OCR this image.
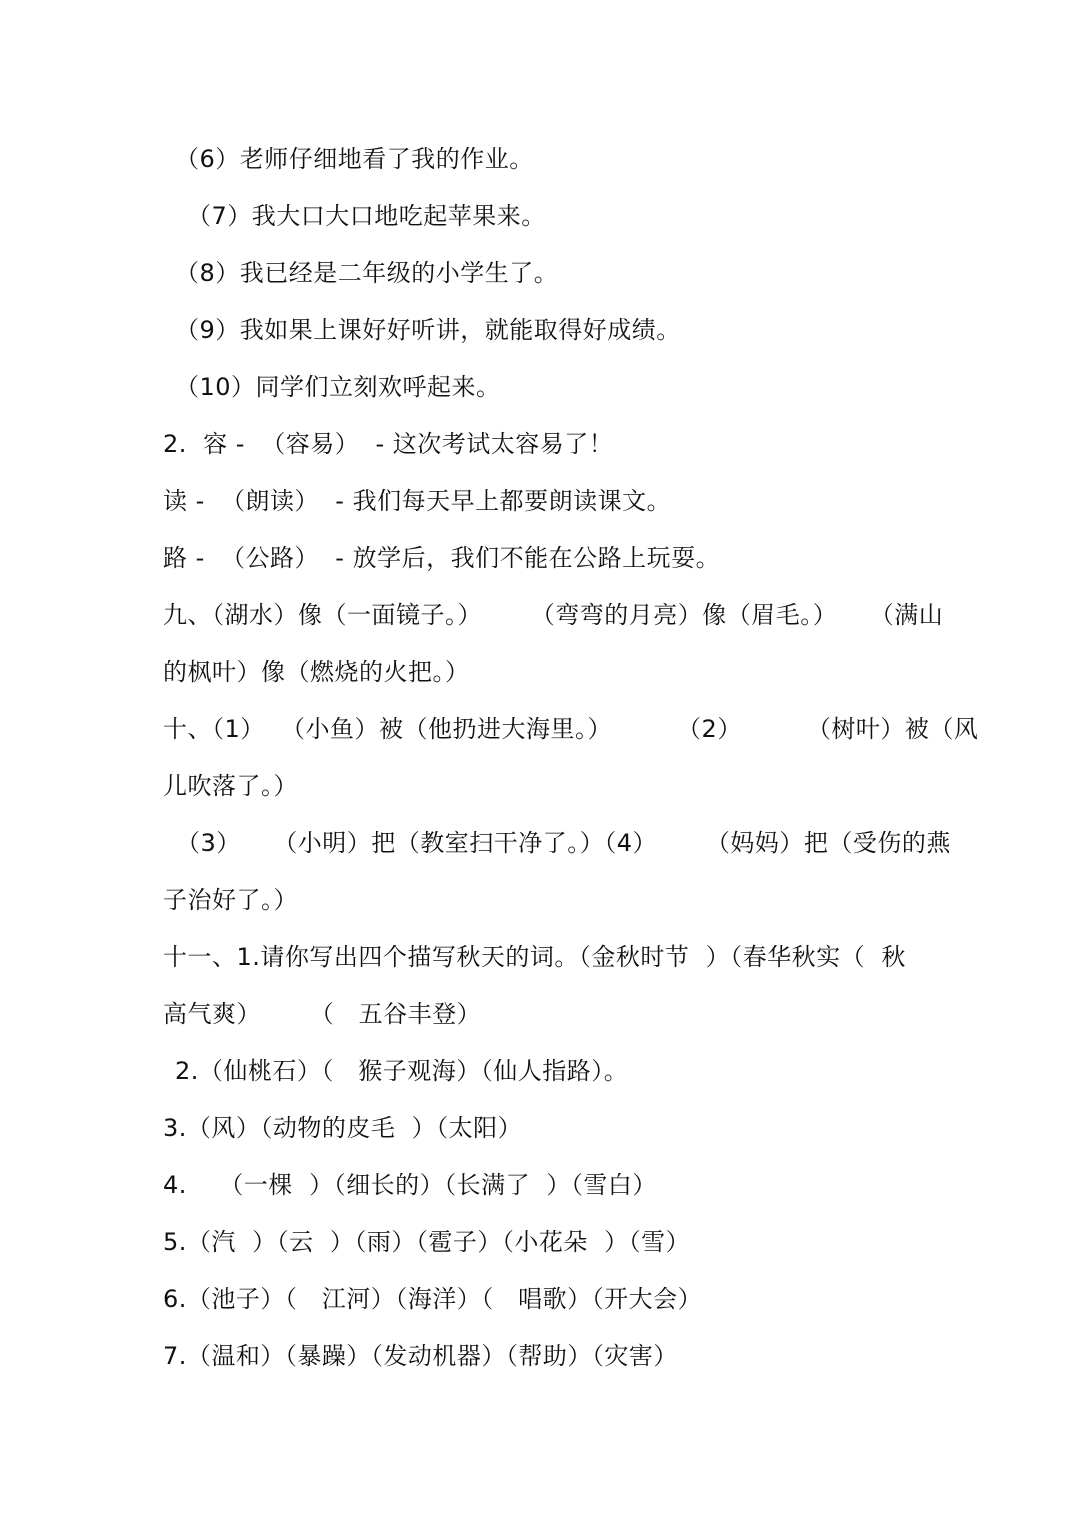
（6）老师仔细地看了我的作业。
（7）我大口大口地吃起苹果来。
（8）我已经是二年级的小学生了。
（9）我如果上课好好听讲，就能取得好成绩。
（10）同学们立刻欢呼起来。
2.  容 -  （容易）  - 这次考试太容易了！
读 -  （朗读）  - 我们每天早上都要朗读课文。
路 -  （公路）  - 放学后，我们不能在公路上玩耍。
九、（湖水）像（一面镜子。）      （弯弯的月亮）像（眉毛。）    （满山
的枫叶）像（燃烧的火把。）
十、（1）  （小鱼）被（他扔进大海里。）        （2）        （树叶）被（风
儿吹落了。）
（3）    （小明）把（教室扫干净了。）（4）      （妈妈）把（受伤的燕
子治好了。）
十一、1.请你写出四个描写秋天的词。（金秋时节  ）（春华秋实（  秋
高气爽）      （   五谷丰登）
2.（仙桃石）（   猴子观海）（仙人指路）。
3.（风）（动物的皮毛  ）（太阳）
4.    （一棵  ）（细长的）（长满了  ）（雪白）
5.（汽  ）（云  ）（雨）（雹子）（小花朵  ）（雪）
6.（池子）（   江河）（海洋）（   唱歌）（开大会）
7.（温和）（暴躁）（发动机器）（帮助）（灾害）
